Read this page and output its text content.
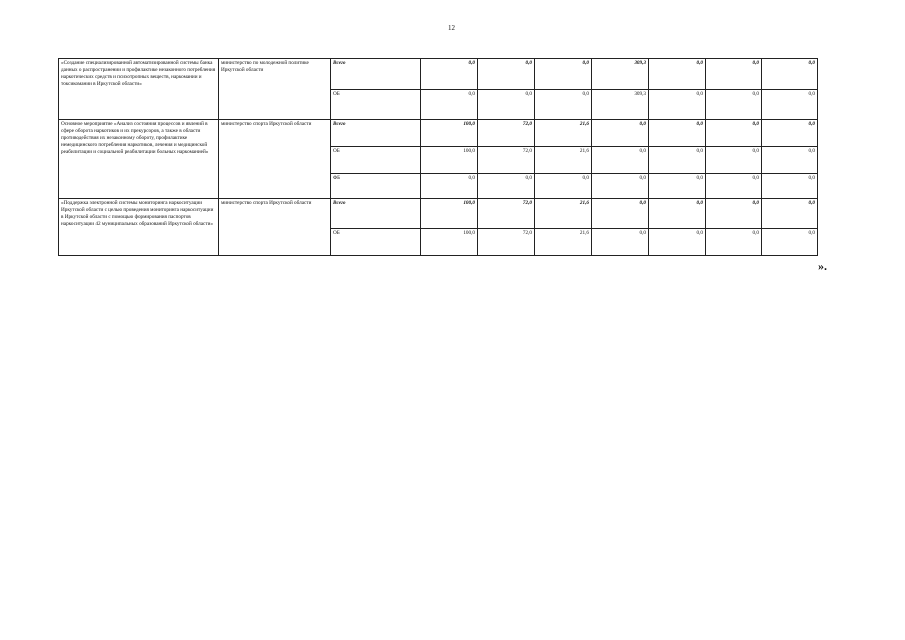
12
«Создание специализированной автоматизированной системы банка данных о распространении и профилактике незаконного потребления наркотических средств и психотропных веществ, наркомании и токсикомании в Иркутской области»	министерство по молодежной политике Иркутской области	Всего	0,0	0,0	0,0	309,3	0,0	0,0	0,0
		ОБ	0,0	0,0	0,0	309,3	0,0	0,0	0,0
Основное мероприятие «Анализ состояния процессов и явлений в сфере оборота наркотиков и их прекурсоров, а также в области противодействия их незаконному обороту, профилактике немедицинского потребления наркотиков, лечения и медицинской реабилитации и социальной реабилитации больных наркоманией»	министерство спорта Иркутской области	Всего	100,0	72,0	21,6	0,0	0,0	0,0	0,0
		ОБ	100,0	72,0	21,6	0,0	0,0	0,0	0,0
		ФБ	0,0	0,0	0,0	0,0	0,0	0,0	0,0
«Поддержка электронной системы мониторинга наркоситуации Иркутской области с целью проведения мониторинга наркоситуации в Иркутской области с помощью формирования паспортов наркоситуации 42 муниципальных образований Иркутской области»	министерство спорта Иркутской области	Всего	100,0	72,0	21,6	0,0	0,0	0,0	0,0
		ОБ	100,0	72,0	21,6	0,0	0,0	0,0	0,0
».
